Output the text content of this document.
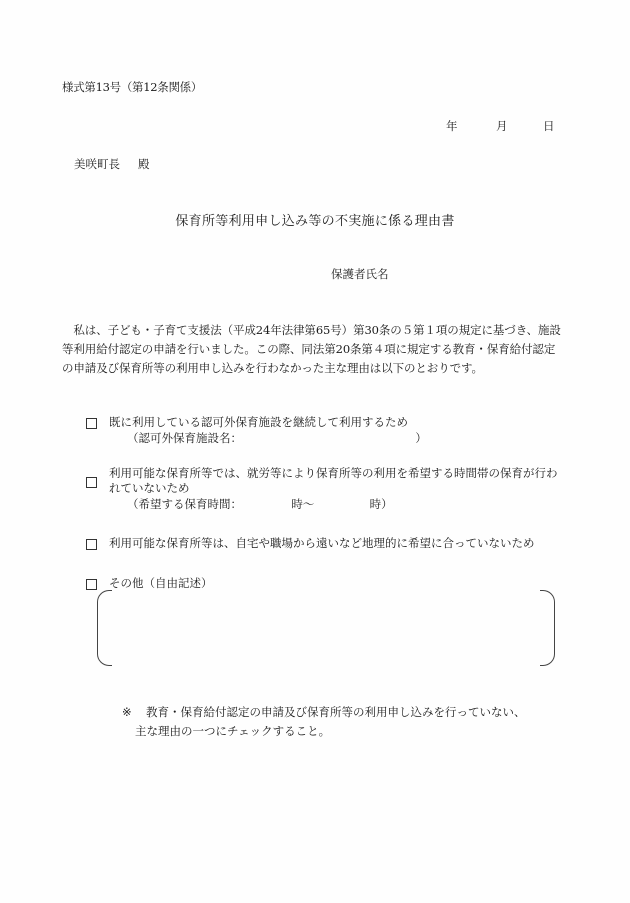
様式第13号（第12条関係）
年	月	日
美咲町長 殿
保育所等利用申し込み等の不実施に係る理由書
保護者氏名
　私は、子ども・子育て支援法（平成24年法律第65号）第30条の５第１項の規定に基づき、施設
等利用給付認定の申請を行いました。この際、同法第20条第４項に規定する教育・保育給付認定
の申請及び保育所等の利用申し込みを行わなかった主な理由は以下のとおりです。
既に利用している認可外保育施設を継続して利用するため
（認可外保育施設名：	）
利用可能な保育所等では、就労等により保育所等の利用を希望する時間帯の保育が行わ
れていないため
（希望する保育時間：	時～	時）
利用可能な保育所等は、自宅や職場から遠いなど地理的に希望に合っていないため
その他（自由記述）
※ 教育・保育給付認定の申請及び保育所等の利用申し込みを行っていない、
主な理由の一つにチェックすること。
